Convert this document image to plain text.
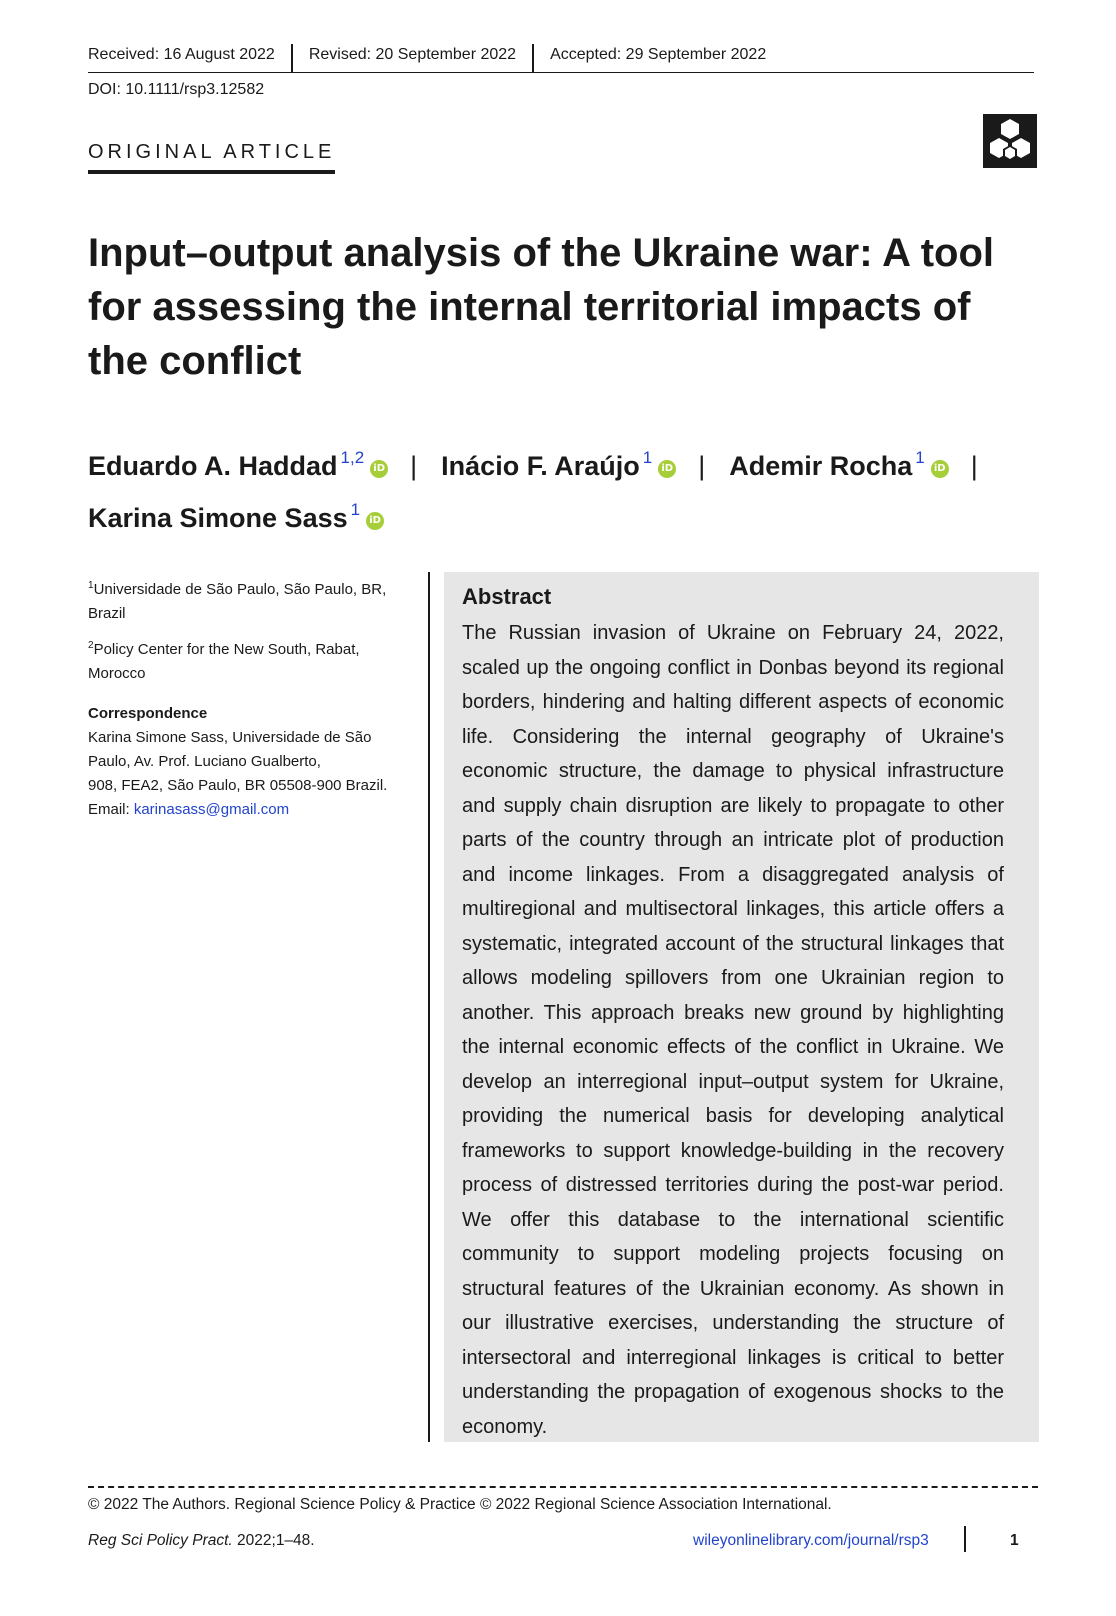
Received: 16 August 2022 Revised: 20 September 2022 Accepted: 29 September 2022
DOI: 10.1111/rsp3.12582
ORIGINAL ARTICLE
Input–output analysis of the Ukraine war: A tool for assessing the internal territorial impacts of the conflict
Eduardo A. Haddad $^{1,2}$iD | Inácio F. Araújo $^1$iD | Ademir Rocha $^1$iD |
Karina Simone Sass $^1$iD
$^1$Universidade de São Paulo, São Paulo, BR, Brazil
$^2$Policy Center for the New South, Rabat, Morocco
Correspondence
Karina Simone Sass, Universidade de São
Paulo, Av. Prof. Luciano Gualberto,
908, FEA2, São Paulo, BR 05508-900 Brazil.
Email: karinasass@gmail.com
Abstract

The Russian invasion of Ukraine on February 24, 2022, scaled up the ongoing conflict in Donbas beyond its regional borders, hindering and halting different aspects of economic life. Considering the internal geography of Ukraine's economic structure, the damage to physical infrastructure and supply chain disruption are likely to propagate to other parts of the country through an intricate plot of production and income linkages. From a disaggregated analysis of multiregional and multisectoral linkages, this article offers a systematic, integrated account of the structural linkages that allows modeling spillovers from one Ukrainian region to another. This approach breaks new ground by highlighting the internal economic effects of the conflict in Ukraine. We develop an interregional input–output system for Ukraine, providing the numerical basis for developing analytical frameworks to support knowledge-building in the recovery process of distressed territories during the post-war period. We offer this database to the international scientific community to support modeling projects focusing on structural features of the Ukrainian economy. As shown in our illustrative exercises, understanding the structure of intersectoral and interregional linkages is critical to better understanding the propagation of exogenous shocks to the economy.

© 2022 The Authors. Regional Science Policy & Practice © 2022 Regional Science Association International.
Reg Sci Policy Pract. 2022;1–48.	wileyonlinelibrary.com/journal/rsp3	1
